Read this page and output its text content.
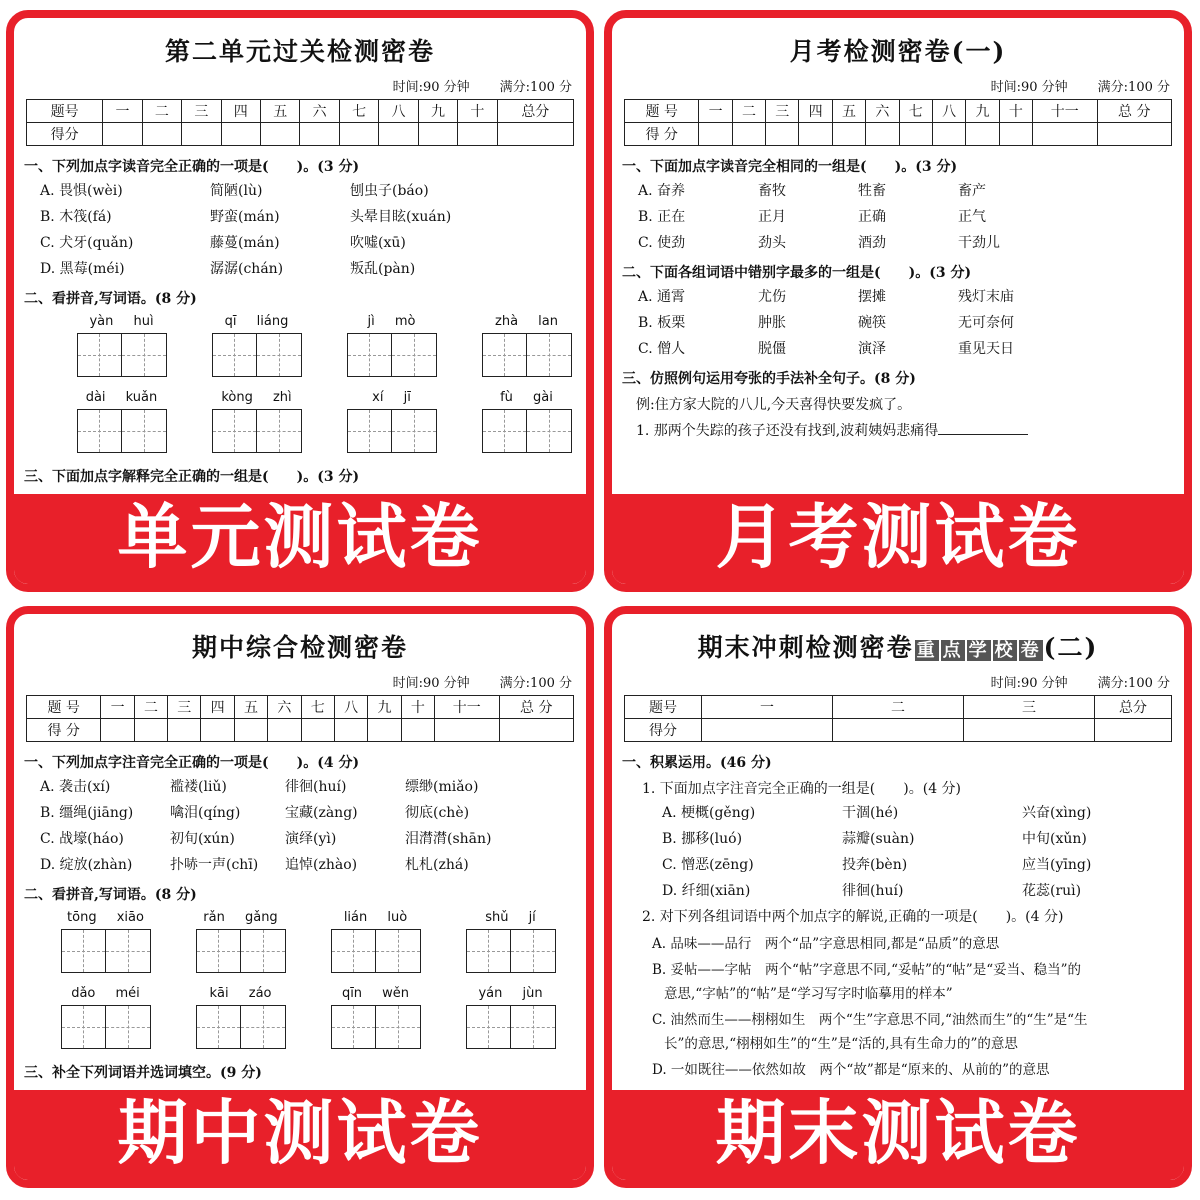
第二单元过关检测密卷
时间:90 分钟 满分:100 分
题号	一	二	三	四	五	六	七	八	九	十	总分
得分											
一、下列加点字读音完全正确的一项是(　　)。(3 分)
A. 畏惧(wèi)	简陋(lù)	刨虫子(báo)
B. 木筏(fá)	野蛮(mán)	头晕目眩(xuán)
C. 犬牙(quǎn)	藤蔓(mán)	吹嘘(xū)
D. 黑莓(méi)	潺潺(chán)	叛乱(pàn)
二、看拼音,写词语。(8 分)
yàn huì	qī liáng	jì mò	zhà lan
dài kuǎn	kòng zhì	xí jī	fù gài
三、下面加点字解释完全正确的一组是(　　)。(3 分)
单元测试卷
月考检测密卷(一)
时间:90 分钟 满分:100 分
题 号	一	二	三	四	五	六	七	八	九	十	十一	总 分
得 分												
一、下面加点字读音完全相同的一组是(　　)。(3 分)
A. 奋养	畜牧	牲畜	畜产
B. 正在	正月	正确	正气
C. 使劲	劲头	酒劲	干劲儿
二、下面各组词语中错别字最多的一组是(　　)。(3 分)
A. 通霄	尤伤	摆摊	残灯末庙
B. 板栗	肿胀	碗筷	无可奈何
C. 僧人	脱僵	演泽	重见天日
三、仿照例句运用夸张的手法补全句子。(8 分)
例:住方家大院的八儿,今天喜得快要发疯了。
1. 那两个失踪的孩子还没有找到,波莉姨妈悲痛得
月考测试卷
期中综合检测密卷
时间:90 分钟 满分:100 分
题 号	一	二	三	四	五	六	七	八	九	十	十一	总 分
得 分												
一、下列加点字注音完全正确的一项是(　　)。(4 分)
A. 袭击(xí)	褴褛(liǔ)	徘徊(huí)	缥缈(miǎo)
B. 缰绳(jiāng)	噙泪(qíng)	宝藏(zàng)	彻底(chè)
C. 战壕(háo)	初旬(xún)	演绎(yì)	泪潸潸(shān)
D. 绽放(zhàn)	扑哧一声(chī)	追悼(zhào)	札札(zhá)
二、看拼音,写词语。(8 分)
tōng xiāo	rǎn gǎng	lián luò	shǔ jí
dǎo méi	kāi záo	qīn wěn	yán jùn
三、补全下列词语并选词填空。(9 分)
期中测试卷
期末冲刺检测密卷 重 点 学 校 卷 (二)
时间:90 分钟 满分:100 分
题号	一	二	三	总分
得分				
一、积累运用。(46 分)
1. 下面加点字注音完全正确的一组是(　　)。(4 分)
A. 梗概(gěng)	干涸(hé)	兴奋(xìng)
B. 挪移(luó)	蒜瓣(suàn)	中旬(xǔn)
C. 憎恶(zēng)	投奔(bèn)	应当(yīng)
D. 纤细(xiān)	徘徊(huí)	花蕊(ruì)
2. 对下列各组词语中两个加点字的解说,正确的一项是(　　)。(4 分)
A. 品味——品行　两个“品”字意思相同,都是“品质”的意思
B. 妥帖——字帖　两个“帖”字意思不同,“妥帖”的“帖”是“妥当、稳当”的
意思,“字帖”的“帖”是“学习写字时临摹用的样本”
C. 油然而生——栩栩如生　两个“生”字意思不同,“油然而生”的“生”是“生
长”的意思,“栩栩如生”的“生”是“活的,具有生命力的”的意思
D. 一如既往——依然如故　两个“故”都是“原来的、从前的”的意思
期末测试卷
